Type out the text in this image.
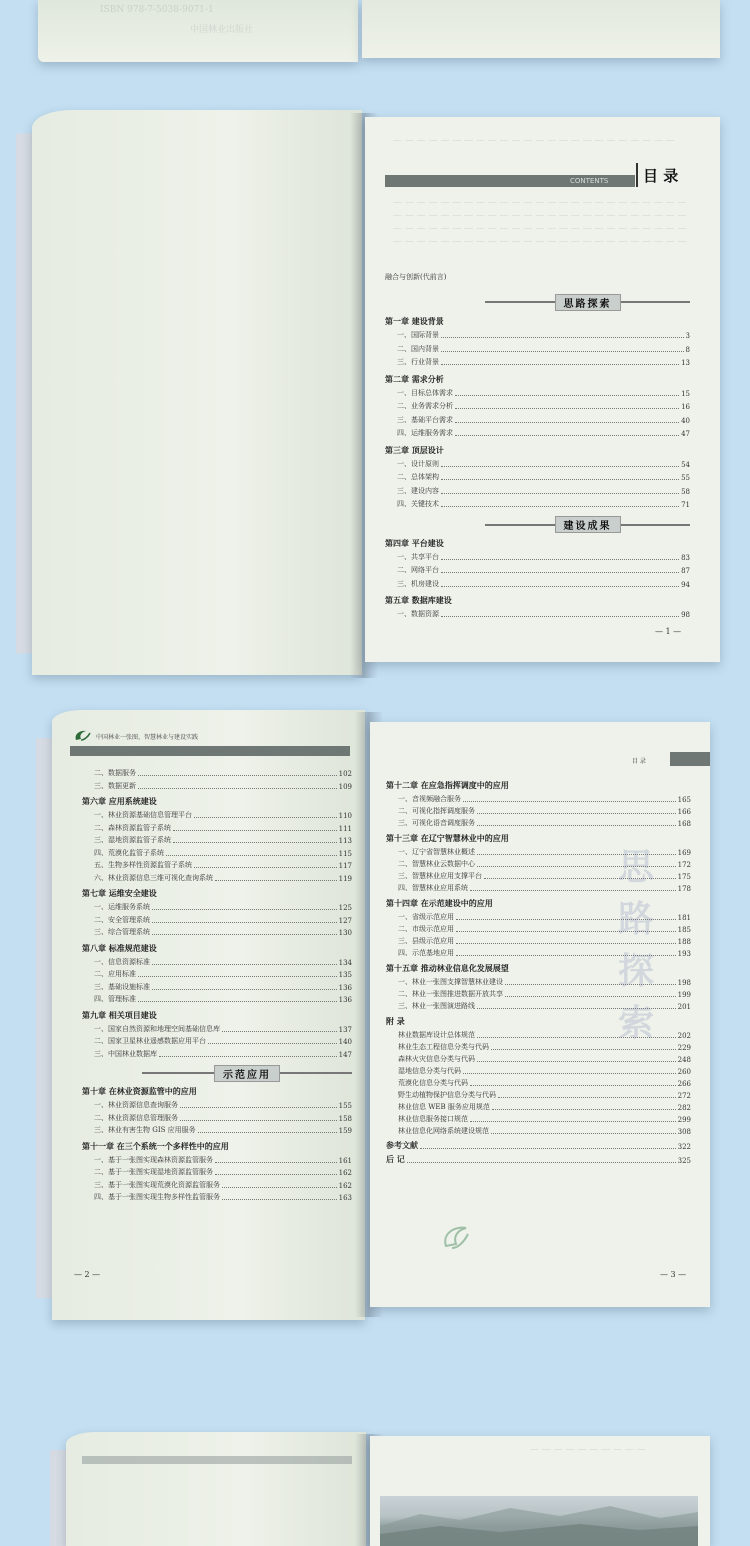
ISBN 978-7-5038-9071-1
中国林业出版社
— — — — — — — — — — — — — — — — — — — — — — — —
CONTENTS 目 录
— — — — — — — — — — — — — — — — — — — — — — — — —
— — — — — — — — — — — — — — — — — — — — — — — — —
— — — — — — — — — — — — — — — — — — — — — — — — —
— — — — — — — — — — — — — — — — — — — — — — — — —
融合与创新(代前言)
思路探索
第一章 建设背景
一、国际背景	3
二、国内背景	8
三、行业背景	13
第二章 需求分析
一、目标总体需求	15
二、业务需求分析	16
三、基础平台需求	40
四、运维服务需求	47
第三章 顶层设计
一、设计原则	54
二、总体架构	55
三、建设内容	58
四、关键技术	71
建设成果
第四章 平台建设
一、共享平台	83
二、网络平台	87
三、机房建设	94
第五章 数据库建设
一、数据资源	98
— 1 —
中国林业一张图、智慧林业与建设实践
二、数据服务	102
三、数据更新	109
第六章 应用系统建设
一、林业资源基础信息管理平台	110
二、森林资源监管子系统	111
三、湿地资源监管子系统	113
四、荒漠化监管子系统	115
五、生物多样性资源监管子系统	117
六、林业资源信息三维可视化查询系统	119
第七章 运维安全建设
一、运维服务系统	125
二、安全管理系统	127
三、综合管理系统	130
第八章 标准规范建设
一、信息资源标准	134
二、应用标准	135
三、基础设施标准	136
四、管理标准	136
第九章 相关项目建设
一、国家自然资源和地理空间基础信息库	137
二、国家卫星林业遥感数据应用平台	140
三、中国林业数据库	147
示范应用
第十章 在林业资源监管中的应用
一、林业资源信息查询服务	155
二、林业资源信息管理服务	158
三、林业有害生物 GIS 应用服务	159
第十一章 在三个系统一个多样性中的应用
一、基于一张图实现森林资源监管服务	161
二、基于一张图实现湿地资源监管服务	162
三、基于一张图实现荒漠化资源监管服务	162
四、基于一张图实现生物多样性监管服务	163
— 2 —
目 录
思路探索
第十二章 在应急指挥调度中的应用
一、音视频融合服务	165
二、可视化指挥调度服务	166
三、可视化语音调度服务	168
第十三章 在辽宁智慧林业中的应用
一、辽宁省智慧林业概述	169
二、智慧林业云数据中心	172
三、智慧林业应用支撑平台	175
四、智慧林业应用系统	178
第十四章 在示范建设中的应用
一、省级示范应用	181
二、市级示范应用	185
三、县级示范应用	188
四、示范基地应用	193
第十五章 推动林业信息化发展展望
一、林业一张图支撑智慧林业建设	198
二、林业一张图推进数据开放共享	199
三、林业一张图演进路线	201
附 录
林业数据库设计总体规范	202
林业生态工程信息分类与代码	229
森林火灾信息分类与代码	248
湿地信息分类与代码	260
荒漠化信息分类与代码	266
野生动植物保护信息分类与代码	272
林业信息 WEB 服务应用规范	282
林业信息服务接口规范	299
林业信息化网络系统建设规范	308
参考文献	322
后 记	325
— 3 —
— — — — — — — — — —
